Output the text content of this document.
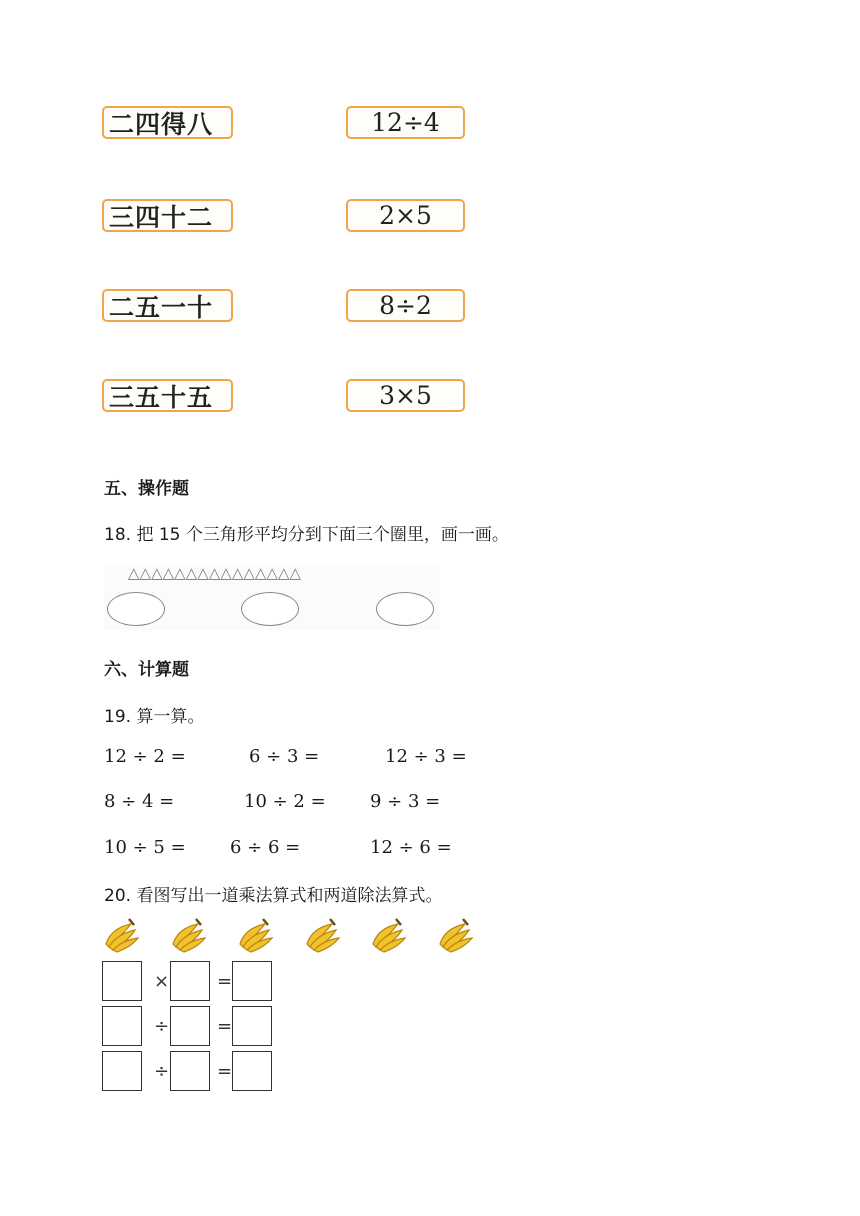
二四得八	12÷4
三四十二	2×5
二五一十	8÷2
三五十五	3×5
五、操作题
18. 把 15 个三角形平均分到下面三个圈里，画一画。
△△△△△△△△△△△△△△△
六、计算题
19. 算一算。
12 ÷ 2 =	6 ÷ 3 =	12 ÷ 3 =
8 ÷ 4 =	10 ÷ 2 = 9 ÷ 3 =
10 ÷ 5 = 6 ÷ 6 =	12 ÷ 6 =
20. 看图写出一道乘法算式和两道除法算式。
×	=
÷	=
÷	=
